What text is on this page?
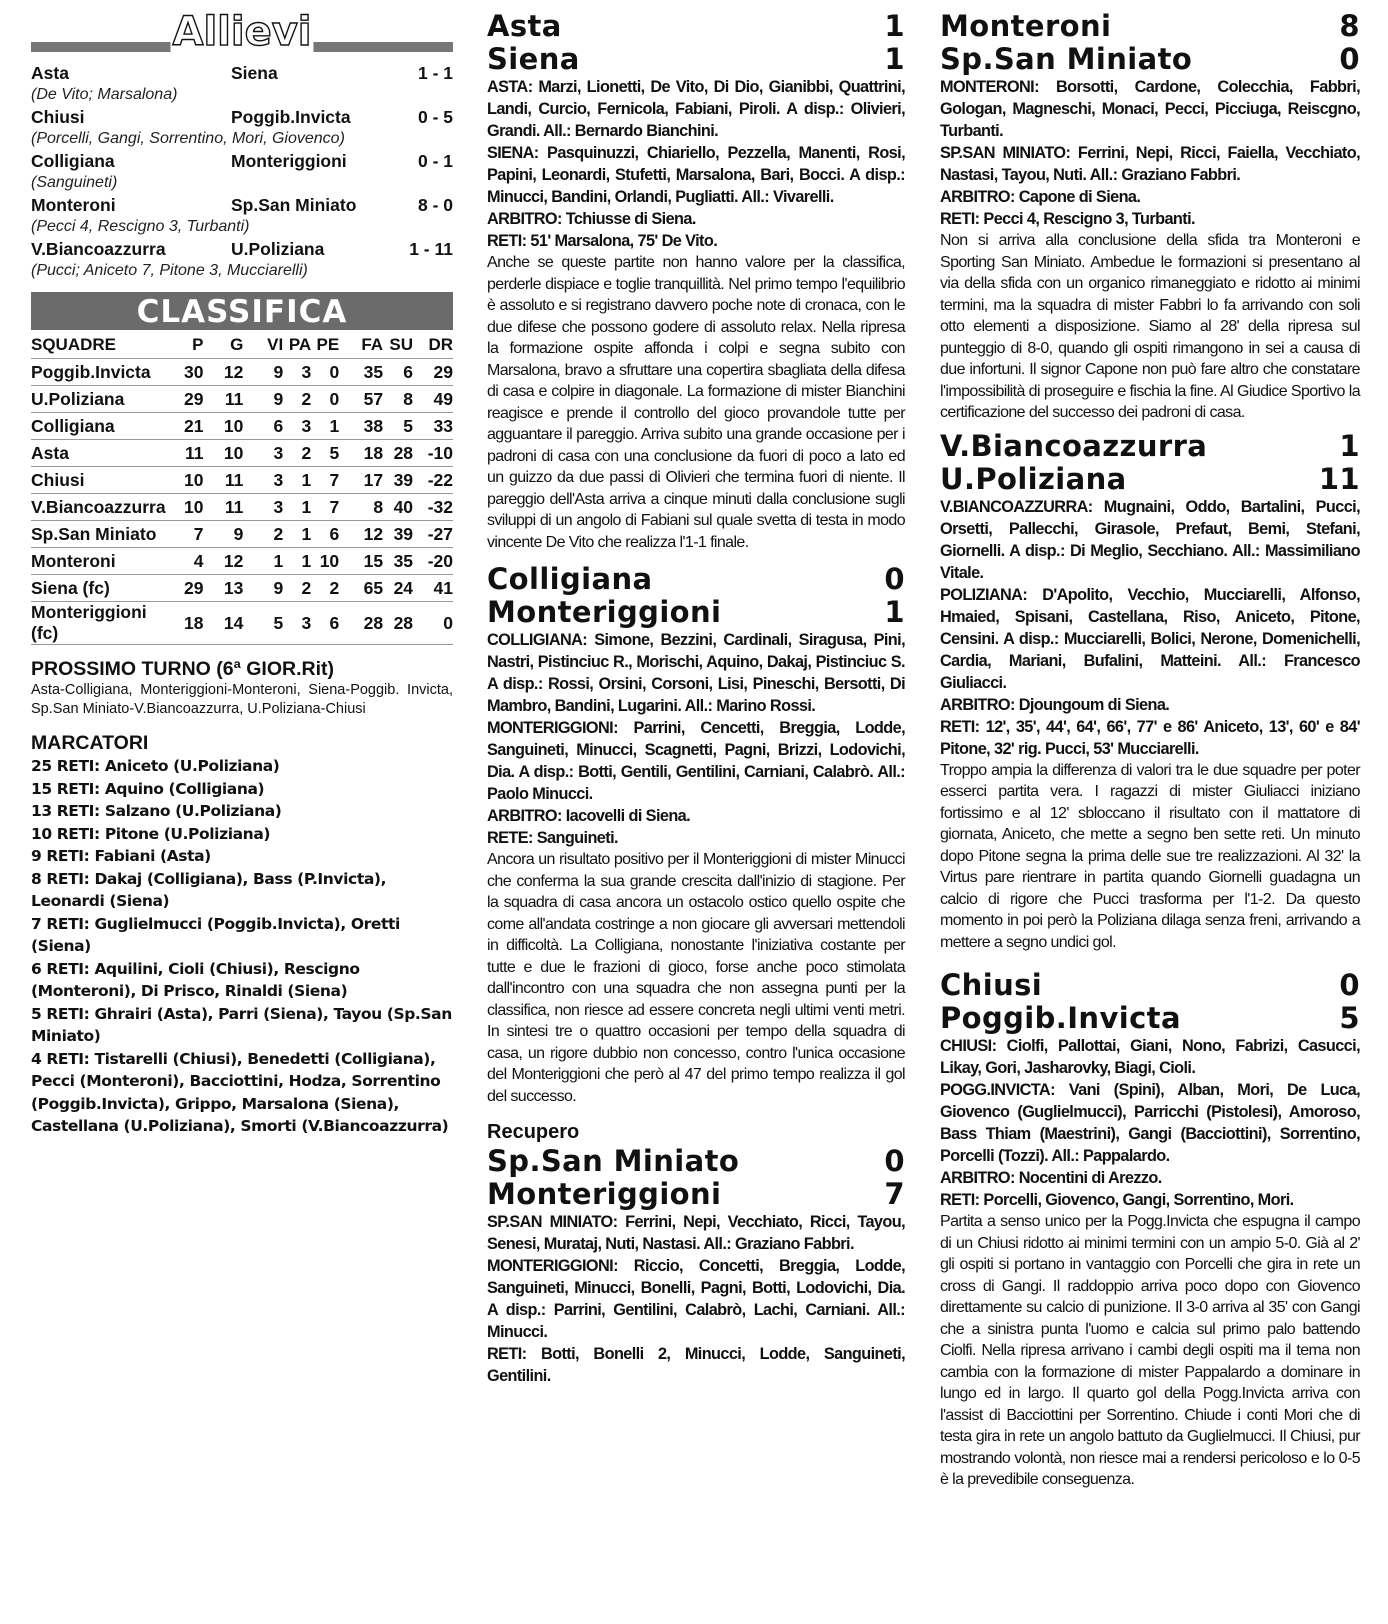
Allievi
Asta	Siena	1 - 1
(De Vito; Marsalona)
Chiusi	Poggib.Invicta	0 - 5
(Porcelli, Gangi, Sorrentino, Mori, Giovenco)
Colligiana	Monteriggioni	0 - 1
(Sanguineti)
Monteroni	Sp.San Miniato	8 - 0
(Pecci 4, Rescigno 3, Turbanti)
V.Biancoazzurra	U.Poliziana	1 - 11
(Pucci; Aniceto 7, Pitone 3, Mucciarelli)
CLASSIFICA
SQUADRE	P	G	VI	PA	PE	FA	SU	DR
Poggib.Invicta	30	12	9	3	0	35	6	29
U.Poliziana	29	11	9	2	0	57	8	49
Colligiana	21	10	6	3	1	38	5	33
Asta	11	10	3	2	5	18	28	-10
Chiusi	10	11	3	1	7	17	39	-22
V.Biancoazzurra	10	11	3	1	7	8	40	-32
Sp.San Miniato	7	9	2	1	6	12	39	-27
Monteroni	4	12	1	1	10	15	35	-20
Siena (fc)	29	13	9	2	2	65	24	41
Monteriggioni (fc)	18	14	5	3	6	28	28	0
PROSSIMO TURNO (6ª GIOR.Rit)
Asta-Colligiana, Monteriggioni-Monteroni, Siena-Poggib. Invicta, Sp.San Miniato-V.Biancoazzurra, U.Poliziana-Chiusi
MARCATORI
25 RETI: Aniceto (U.Poliziana)
15 RETI: Aquino (Colligiana)
13 RETI: Salzano (U.Poliziana)
10 RETI: Pitone (U.Poliziana)
9 RETI: Fabiani (Asta)
8 RETI: Dakaj (Colligiana), Bass (P.Invicta), Leonardi (Siena)
7 RETI: Guglielmucci (Poggib.Invicta), Oretti (Siena)
6 RETI: Aquilini, Cioli (Chiusi), Rescigno (Monteroni), Di Prisco, Rinaldi (Siena)
5 RETI: Ghrairi (Asta), Parri (Siena), Tayou (Sp.San Miniato)
4 RETI: Tistarelli (Chiusi), Benedetti (Colligiana), Pecci (Monteroni), Bacciottini, Hodza, Sorrentino (Poggib.Invicta), Grippo, Marsalona (Siena), Castellana (U.Poliziana), Smorti (V.Biancoazzurra)
Asta	1
Siena	1
ASTA: Marzi, Lionetti, De Vito, Di Dio, Gianibbi, Quattrini, Landi, Curcio, Fernicola, Fabiani, Piroli. A disp.: Olivieri, Grandi. All.: Bernardo Bianchini.
SIENA: Pasquinuzzi, Chiariello, Pezzella, Manenti, Rosi, Papini, Leonardi, Stufetti, Marsalona, Bari, Bocci. A disp.: Minucci, Bandini, Orlandi, Pugliatti. All.: Vivarelli.
ARBITRO: Tchiusse di Siena.
RETI: 51' Marsalona, 75' De Vito.
Anche se queste partite non hanno valore per la classifica, perderle dispiace e toglie tranquillità. Nel primo tempo l'equilibrio è assoluto e si registrano davvero poche note di cronaca, con le due difese che possono godere di assoluto relax. Nella ripresa la formazione ospite affonda i colpi e segna subito con Marsalona, bravo a sfruttare una copertira sbagliata della difesa di casa e colpire in diagonale. La formazione di mister Bianchini reagisce e prende il controllo del gioco provandole tutte per agguantare il pareggio. Arriva subito una grande occasione per i padroni di casa con una conclusione da fuori di poco a lato ed un guizzo da due passi di Olivieri che termina fuori di niente. Il pareggio dell'Asta arriva a cinque minuti dalla conclusione sugli sviluppi di un angolo di Fabiani sul quale svetta di testa in modo vincente De Vito che realizza l'1-1 finale.
Colligiana	0
Monteriggioni	1
COLLIGIANA: Simone, Bezzini, Cardinali, Siragusa, Pini, Nastri, Pistinciuc R., Morischi, Aquino, Dakaj, Pistinciuc S. A disp.: Rossi, Orsini, Corsoni, Lisi, Pineschi, Bersotti, Di Mambro, Bandini, Lugarini. All.: Marino Rossi.
MONTERIGGIONI: Parrini, Cencetti, Breggia, Lodde, Sanguineti, Minucci, Scagnetti, Pagni, Brizzi, Lodovichi, Dia. A disp.: Botti, Gentili, Gentilini, Carniani, Calabrò. All.: Paolo Minucci.
ARBITRO: Iacovelli di Siena.
RETE: Sanguineti.
Ancora un risultato positivo per il Monteriggioni di mister Minucci che conferma la sua grande crescita dall'inizio di stagione. Per la squadra di casa ancora un ostacolo ostico quello ospite che come all'andata costringe a non giocare gli avversari mettendoli in difficoltà. La Colligiana, nonostante l'iniziativa costante per tutte e due le frazioni di gioco, forse anche poco stimolata dall'incontro con una squadra che non assegna punti per la classifica, non riesce ad essere concreta negli ultimi venti metri. In sintesi tre o quattro occasioni per tempo della squadra di casa, un rigore dubbio non concesso, contro l'unica occasione del Monteriggioni che però al 47 del primo tempo realizza il gol del successo.
Recupero
Sp.San Miniato	0
Monteriggioni	7
SP.SAN MINIATO: Ferrini, Nepi, Vecchiato, Ricci, Tayou, Senesi, Murataj, Nuti, Nastasi. All.: Graziano Fabbri.
MONTERIGGIONI: Riccio, Concetti, Breggia, Lodde, Sanguineti, Minucci, Bonelli, Pagni, Botti, Lodovichi, Dia. A disp.: Parrini, Gentilini, Calabrò, Lachi, Carniani. All.: Minucci.
RETI: Botti, Bonelli 2, Minucci, Lodde, Sanguineti, Gentilini.
Monteroni	8
Sp.San Miniato	0
MONTERONI: Borsotti, Cardone, Colecchia, Fabbri, Gologan, Magneschi, Monaci, Pecci, Picciuga, Reiscgno, Turbanti.
SP.SAN MINIATO: Ferrini, Nepi, Ricci, Faiella, Vecchiato, Nastasi, Tayou, Nuti. All.: Graziano Fabbri.
ARBITRO: Capone di Siena.
RETI: Pecci 4, Rescigno 3, Turbanti.
Non si arriva alla conclusione della sfida tra Monteroni e Sporting San Miniato. Ambedue le formazioni si presentano al via della sfida con un organico rimaneggiato e ridotto ai minimi termini, ma la squadra di mister Fabbri lo fa arrivando con soli otto elementi a disposizione. Siamo al 28' della ripresa sul punteggio di 8-0, quando gli ospiti rimangono in sei a causa di due infortuni. Il signor Capone non può fare altro che constatare l'impossibilità di proseguire e fischia la fine. Al Giudice Sportivo la certificazione del successo dei padroni di casa.
V.Biancoazzurra	1
U.Poliziana	11
V.BIANCOAZZURRA: Mugnaini, Oddo, Bartalini, Pucci, Orsetti, Pallecchi, Girasole, Prefaut, Bemi, Stefani, Giornelli. A disp.: Di Meglio, Secchiano. All.: Massimiliano Vitale.
POLIZIANA: D'Apolito, Vecchio, Mucciarelli, Alfonso, Hmaied, Spisani, Castellana, Riso, Aniceto, Pitone, Censini. A disp.: Mucciarelli, Bolici, Nerone, Domenichelli, Cardia, Mariani, Bufalini, Matteini. All.: Francesco Giuliacci.
ARBITRO: Djoungoum di Siena.
RETI: 12', 35', 44', 64', 66', 77' e 86' Aniceto, 13', 60' e 84' Pitone, 32' rig. Pucci, 53' Mucciarelli.
Troppo ampia la differenza di valori tra le due squadre per poter esserci partita vera. I ragazzi di mister Giuliacci iniziano fortissimo e al 12' sbloccano il risultato con il mattatore di giornata, Aniceto, che mette a segno ben sette reti. Un minuto dopo Pitone segna la prima delle sue tre realizzazioni. Al 32' la Virtus pare rientrare in partita quando Giornelli guadagna un calcio di rigore che Pucci trasforma per l'1-2. Da questo momento in poi però la Poliziana dilaga senza freni, arrivando a mettere a segno undici gol.
Chiusi	0
Poggib.Invicta	5
CHIUSI: Ciolfi, Pallottai, Giani, Nono, Fabrizi, Casucci, Likay, Gori, Jasharovky, Biagi, Cioli.
POGG.INVICTA: Vani (Spini), Alban, Mori, De Luca, Giovenco (Guglielmucci), Parricchi (Pistolesi), Amoroso, Bass Thiam (Maestrini), Gangi (Bacciottini), Sorrentino, Porcelli (Tozzi). All.: Pappalardo.
ARBITRO: Nocentini di Arezzo.
RETI: Porcelli, Giovenco, Gangi, Sorrentino, Mori.
Partita a senso unico per la Pogg.Invicta che espugna il campo di un Chiusi ridotto ai minimi termini con un ampio 5-0. Già al 2' gli ospiti si portano in vantaggio con Porcelli che gira in rete un cross di Gangi. Il raddoppio arriva poco dopo con Giovenco direttamente su calcio di punizione. Il 3-0 arriva al 35' con Gangi che a sinistra punta l'uomo e calcia sul primo palo battendo Ciolfi. Nella ripresa arrivano i cambi degli ospiti ma il tema non cambia con la formazione di mister Pappalardo a dominare in lungo ed in largo. Il quarto gol della Pogg.Invicta arriva con l'assist di Bacciottini per Sorrentino. Chiude i conti Mori che di testa gira in rete un angolo battuto da Guglielmucci. Il Chiusi, pur mostrando volontà, non riesce mai a rendersi pericoloso e lo 0-5 è la prevedibile conseguenza.
